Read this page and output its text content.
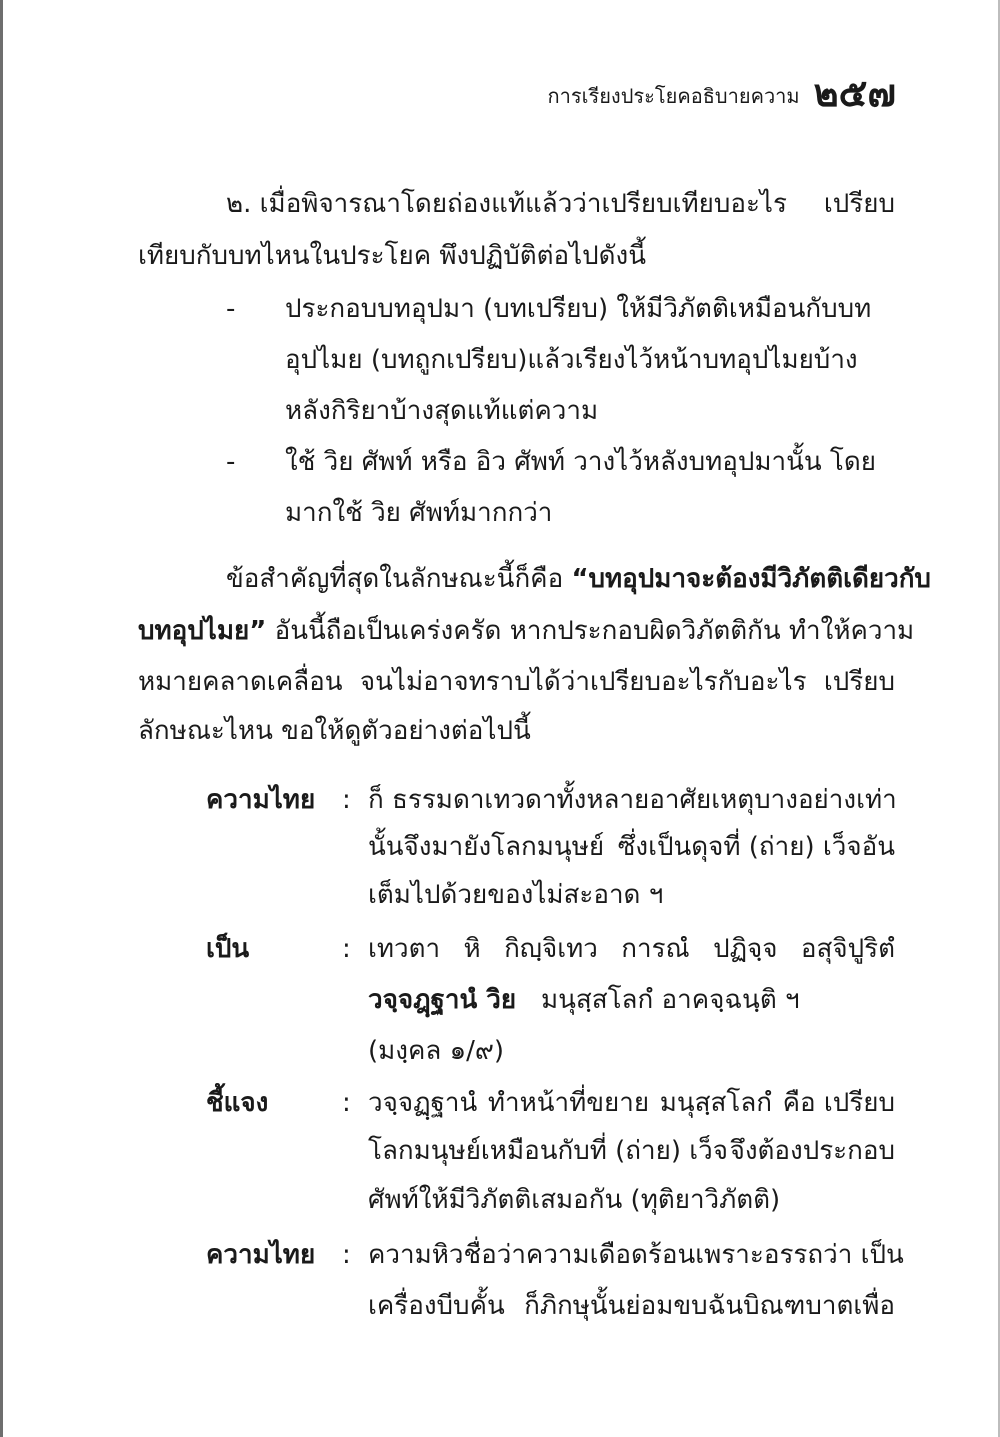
การเรียงประโยคอธิบายความ ๒๕๗
๒. เมื่อพิจารณาโดยถ่องแท้แล้วว่าเปรียบเทียบอะไร เปรียบ
เทียบกับบทไหนในประโยค พึงปฏิบัติต่อไปดังนี้
- ประกอบบทอุปมา (บทเปรียบ) ให้มีวิภัตติเหมือนกับบท
อุปไมย (บทถูกเปรียบ)แล้วเรียงไว้หน้าบทอุปไมยบ้าง
หลังกิริยาบ้างสุดแท้แต่ความ
- ใช้ วิย ศัพท์ หรือ อิว ศัพท์ วางไว้หลังบทอุปมานั้น โดย
มากใช้ วิย ศัพท์มากกว่า
ข้อสำคัญที่สุดในลักษณะนี้ก็คือ “บทอุปมาจะต้องมีวิภัตติเดียวกับ
บทอุปไมย” อันนี้ถือเป็นเคร่งครัด หากประกอบผิดวิภัตติกัน ทำให้ความ
หมายคลาดเคลื่อน จนไม่อาจทราบได้ว่าเปรียบอะไรกับอะไร เปรียบ
ลักษณะไหน ขอให้ดูตัวอย่างต่อไปนี้
ความไทย : ก็ ธรรมดาเทวดาทั้งหลายอาศัยเหตุบางอย่างเท่า
นั้นจึงมายังโลกมนุษย์ ซึ่งเป็นดุจที่ (ถ่าย) เว็จอัน
เต็มไปด้วยของไม่สะอาด ฯ
เป็น	: เทวตา หิ กิญฺจิเทว การณํ ปฏิจฺจ อสุจิปูริตํ
วจฺจฎฺฐานํ วิย มนุสฺสโลกํ อาคจฺฉนฺติ ฯ
(มงฺคล ๑/๙)
ชี้แจง	: วจฺจฏฺฐานํ ทำหน้าที่ขยาย มนุสฺสโลกํ คือ เปรียบ
โลกมนุษย์เหมือนกับที่ (ถ่าย) เว็จ จึงต้องประกอบ
ศัพท์ให้มีวิภัตติเสมอกัน (ทุติยาวิภัตติ)
ความไทย : ความหิวชื่อว่าความเดือดร้อน เพราะอรรถว่า เป็น
เครื่องบีบคั้น ก็ภิกษุนั้นย่อมขบฉันบิณฑบาตเพื่อ
